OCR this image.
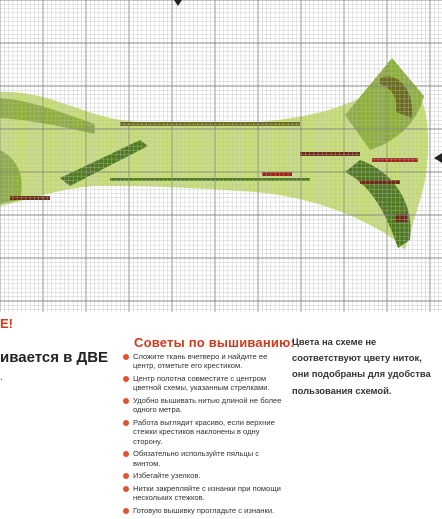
Е!
ивается в ДВЕ
.
Советы по вышиванию:
Сложите ткань вчетверо и найдите ее центр, отметьте его крестиком.
Центр полотна совместите с центром цветной схемы, указанным стрелками.
Удобно вышивать нитью длиной не более одного метра.
Работа выглядит красиво, если верхние стежки крестиков наклонены в одну сторону.
Обязательно используйте пяльцы с винтом.
Избегайте узелков.
Нитки закрепляйте с изнанки при помощи нескольких стежков.
Готовую вышивку прогладьте с изнанки.
Цвета на схеме не соответствуют цвету ниток, они подобраны для удобства пользования схемой.
